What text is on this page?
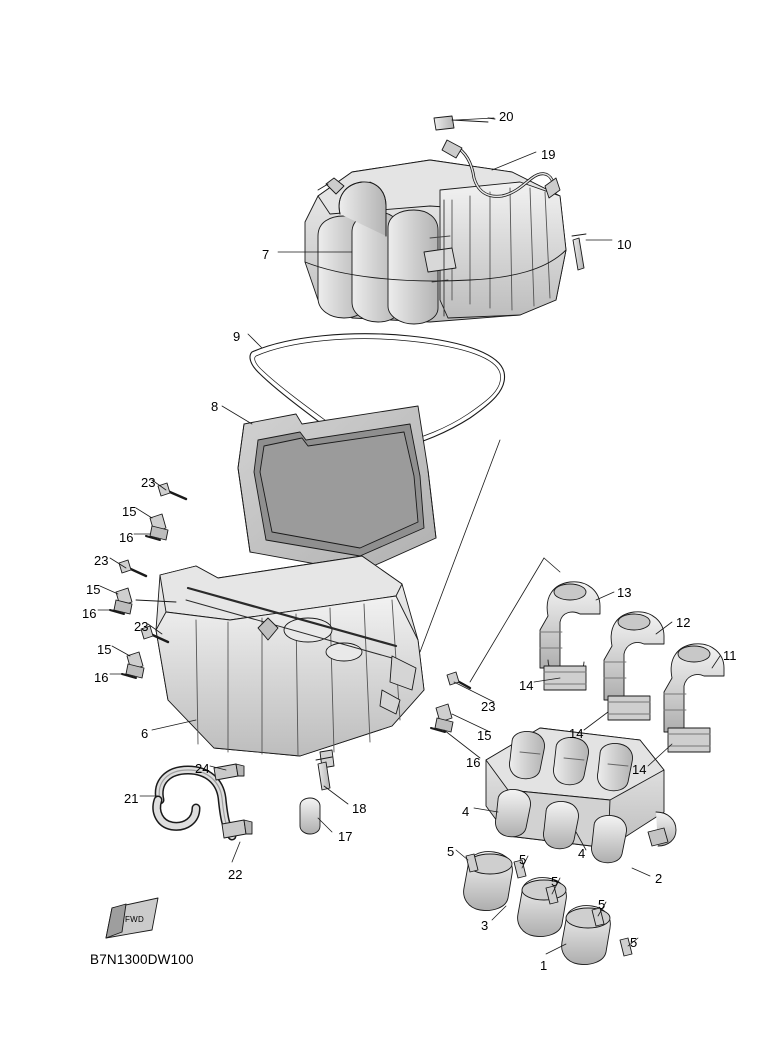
20
19
10
7
9
8
23
15
16
23
15
16
23
15
16
6
13
12
11
14
14
14
23
15
16
24
21
18
17
22
4
5
5
5
4
2
3
5
5
1
FWD
B7N1300DW100
